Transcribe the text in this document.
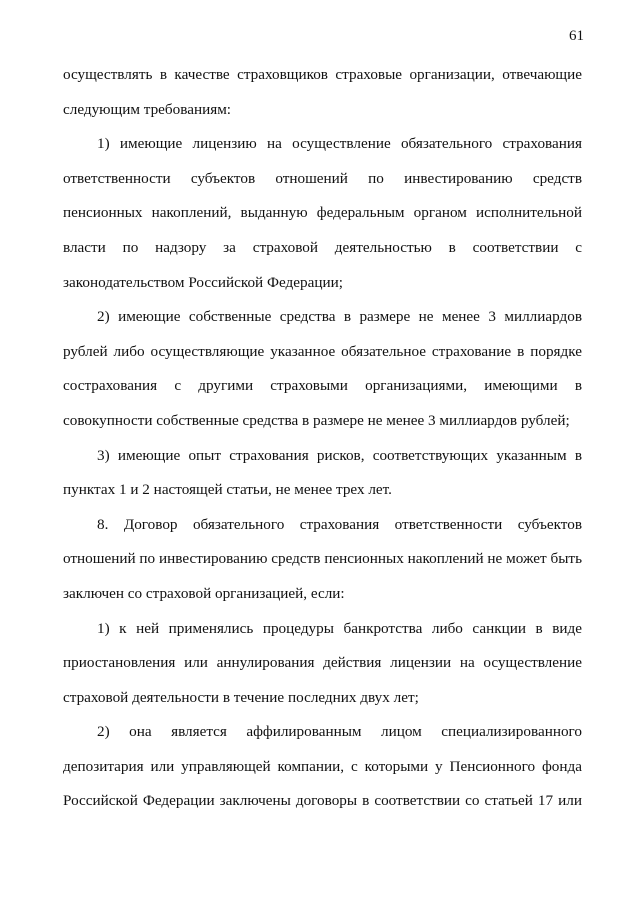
61

осуществлять в качестве страховщиков страховые организации, отвечающие следующим требованиям:

1) имеющие лицензию на осуществление обязательного страхования ответственности субъектов отношений по инвестированию средств пенсионных накоплений, выданную федеральным органом исполнительной власти по надзору за страховой деятельностью в соответствии с законодательством Российской Федерации;

2) имеющие собственные средства в размере не менее 3 миллиардов рублей либо осуществляющие указанное обязательное страхование в порядке сострахования с другими страховыми организациями, имеющими в совокупности собственные средства в размере не менее 3 миллиардов рублей;

3) имеющие опыт страхования рисков, соответствующих указанным в пунктах 1 и 2 настоящей статьи, не менее трех лет.

8. Договор обязательного страхования ответственности субъектов отношений по инвестированию средств пенсионных накоплений не может быть заключен со страховой организацией, если:

1) к ней применялись процедуры банкротства либо санкции в виде приостановления или аннулирования действия лицензии на осуществление страховой деятельности в течение последних двух лет;

2) она является аффилированным лицом специализированного депозитария или управляющей компании, с которыми у Пенсионного фонда Российской Федерации заключены договоры в соответствии со статьей 17 или
